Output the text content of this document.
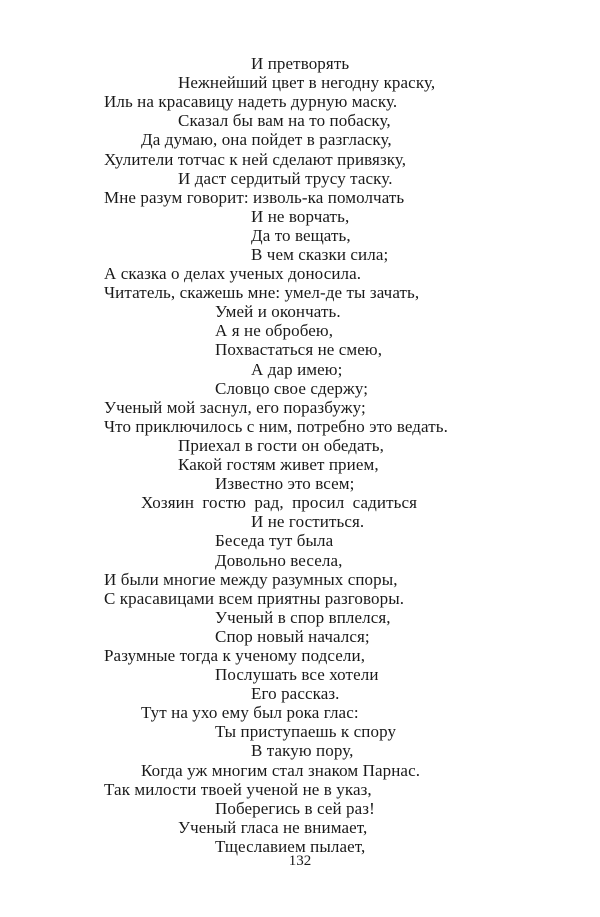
И претворять
Нежнейший цвет в негодну краску,
Иль на красавицу надеть дурную маску.
Сказал бы вам на то побаску,
Да думаю, она пойдет в разгласку,
Хулители тотчас к ней сделают привязку,
И даст сердитый трусу таску.
Мне разум говорит: изволь-ка помолчать
И не ворчать,
Да то вещать,
В чем сказки сила;
А сказка о делах ученых доносила.
Читатель, скажешь мне: умел-де ты зачать,
Умей и окончать.
А я не обробею,
Похвастаться не смею,
А дар имею;
Словцо свое сдержу;
Ученый мой заснул, его поразбужу;
Что приключилось с ним, потребно это ведать.
Приехал в гости он обедать,
Какой гостям живет прием,
Известно это всем;
Хозяин гостю рад, просил садиться
И не гоститься.
Беседа тут была
Довольно весела,
И были многие между разумных споры,
С красавицами всем приятны разговоры.
Ученый в спор вплелся,
Спор новый начался;
Разумные тогда к ученому подсели,
Послушать все хотели
Его рассказ.
Тут на ухо ему был рока глас:
Ты приступаешь к спору
В такую пору,
Когда уж многим стал знаком Парнас.
Так милости твоей ученой не в указ,
Поберегись в сей раз!
Ученый гласа не внимает,
Тщеславием пылает,
132
